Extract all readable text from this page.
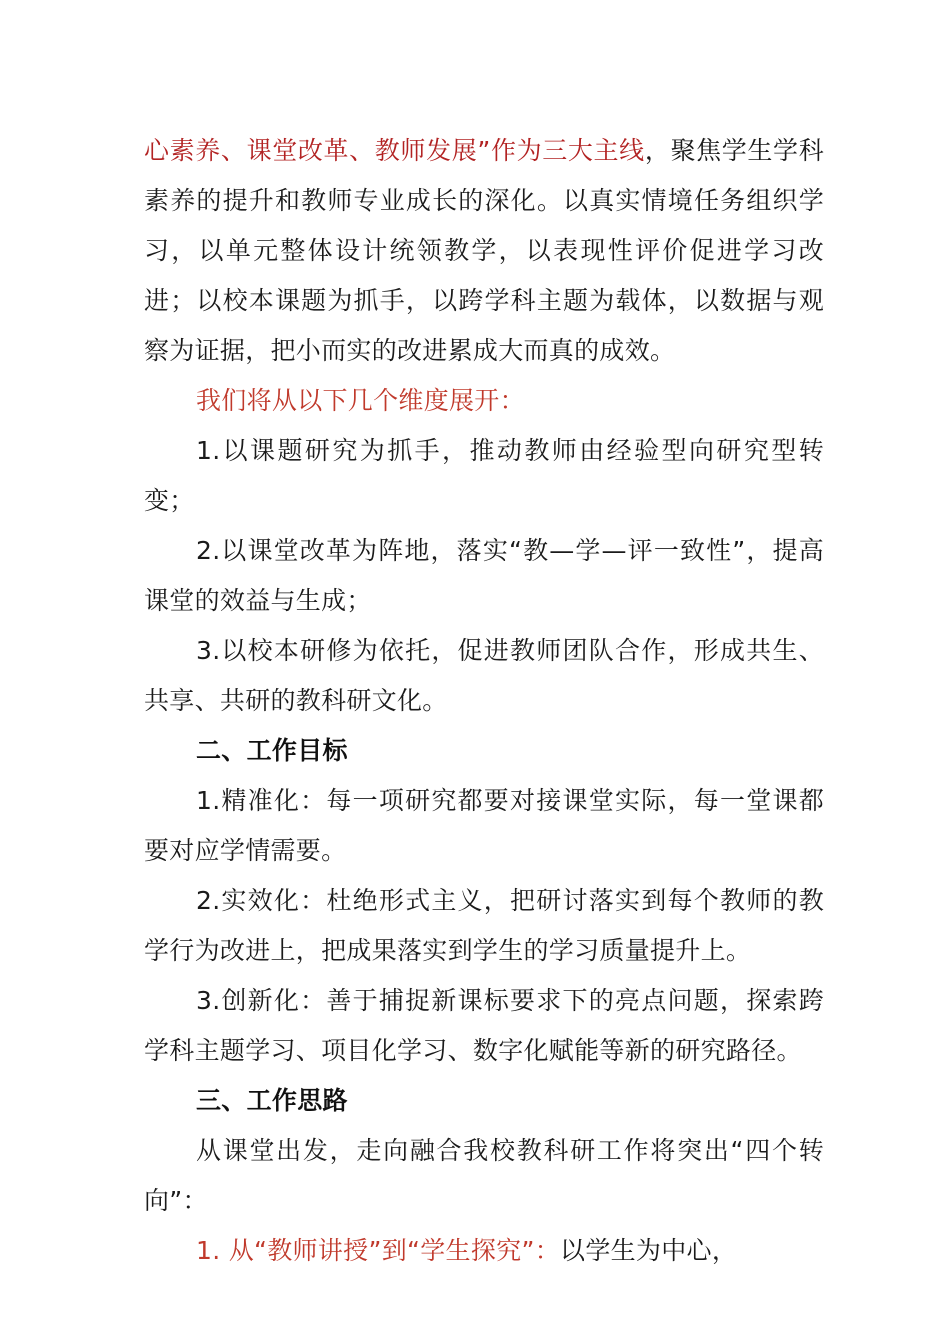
心素养、课堂改革、教师发展”作为三大主线，聚焦学生学科素养的提升和教师专业成长的深化。以真实情境任务组织学习，以单元整体设计统领教学，以表现性评价促进学习改进；以校本课题为抓手，以跨学科主题为载体，以数据与观察为证据，把小而实的改进累成大而真的成效。

我们将从以下几个维度展开：

1.以课题研究为抓手，推动教师由经验型向研究型转变；

2.以课堂改革为阵地，落实“教—学—评一致性”，提高课堂的效益与生成；

3.以校本研修为依托，促进教师团队合作，形成共生、共享、共研的教科研文化。

二、工作目标

1.精准化：每一项研究都要对接课堂实际，每一堂课都要对应学情需要。

2.实效化：杜绝形式主义，把研讨落实到每个教师的教学行为改进上，把成果落实到学生的学习质量提升上。

3.创新化：善于捕捉新课标要求下的亮点问题，探索跨学科主题学习、项目化学习、数字化赋能等新的研究路径。

三、工作思路

从课堂出发，走向融合我校教科研工作将突出“四个转向”：

1. 从“教师讲授”到“学生探究”：以学生为中心，
